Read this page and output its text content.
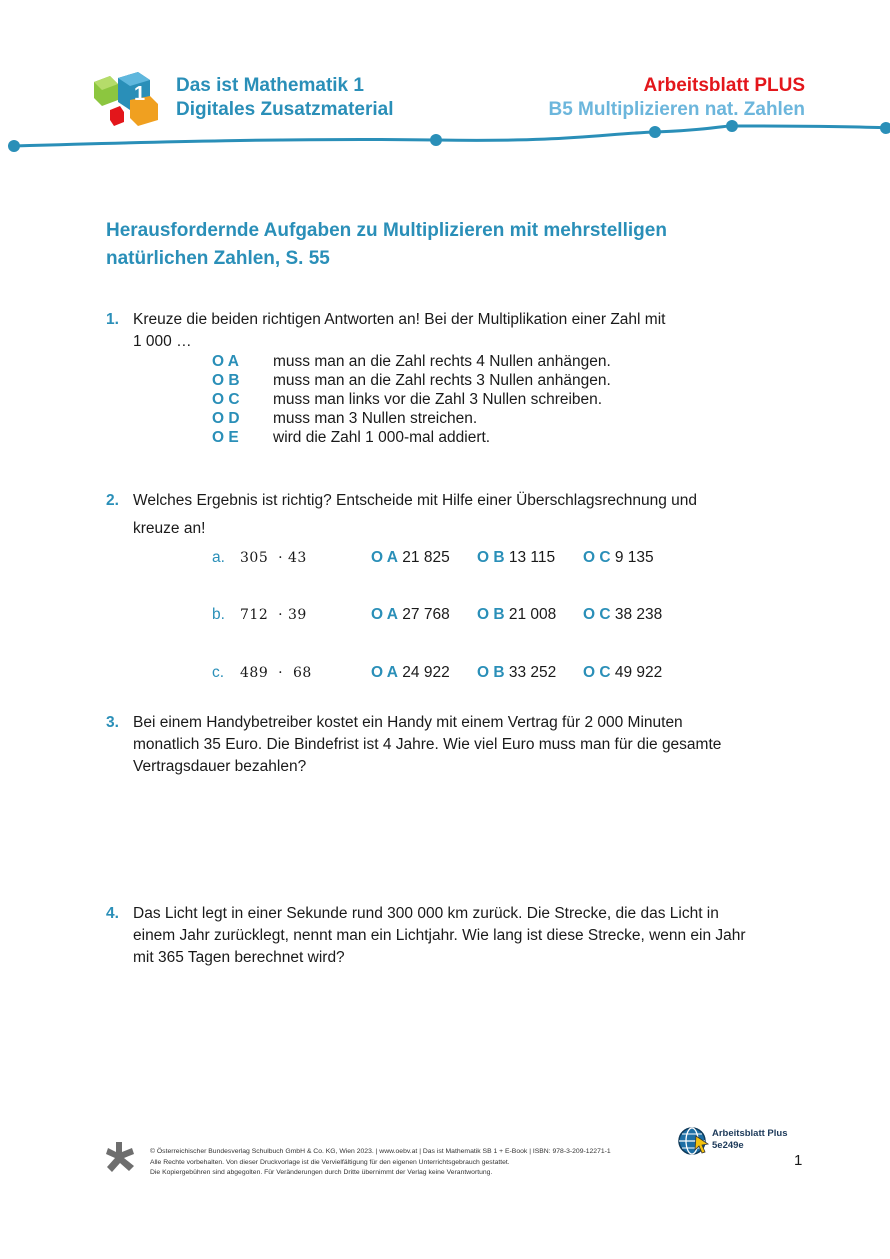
1 Das ist Mathematik 1
Digitales Zusatzmaterial
Arbeitsblatt PLUS
B5 Multiplizieren nat. Zahlen
Herausfordernde Aufgaben zu Multiplizieren mit mehrstelligen
natürlichen Zahlen, S. 55
1. Kreuze die beiden richtigen Antworten an! Bei der Multiplikation einer Zahl mit
1 000 …
O A muss man an die Zahl rechts 4 Nullen anhängen.
O B muss man an die Zahl rechts 3 Nullen anhängen.
O C muss man links vor die Zahl 3 Nullen schreiben.
O D muss man 3 Nullen streichen.
O E wird die Zahl 1 000-mal addiert.
2. Welches Ergebnis ist richtig? Entscheide mit Hilfe einer Überschlagsrechnung und
kreuze an!
a. 305  · 43	O A 21 825 O B 13 115 O C 9 135
b. 712  · 39	O A 27 768 O B 21 008 O C 38 238
c. 489  ·  68	O A 24 922 O B 33 252 O C 49 922
3. Bei einem Handybetreiber kostet ein Handy mit einem Vertrag für 2 000 Minuten
monatlich 35 Euro. Die Bindefrist ist 4 Jahre. Wie viel Euro muss man für die gesamte
Vertragsdauer bezahlen?
4. Das Licht legt in einer Sekunde rund 300 000 km zurück. Die Strecke, die das Licht in
einem Jahr zurücklegt, nennt man ein Lichtjahr. Wie lang ist diese Strecke, wenn ein Jahr
mit 365 Tagen berechnet wird?
© Österreichischer Bundesverlag Schulbuch GmbH & Co. KG, Wien 2023. | www.oebv.at | Das ist Mathematik SB 1 + E-Book | ISBN: 978-3-209-12271-1
Alle Rechte vorbehalten. Von dieser Druckvorlage ist die Vervielfältigung für den eigenen Unterrichtsgebrauch gestattet.
Die Kopiergebühren sind abgegolten. Für Veränderungen durch Dritte übernimmt der Verlag keine Verantwortung.
Arbeitsblatt Plus
5e249e
1
